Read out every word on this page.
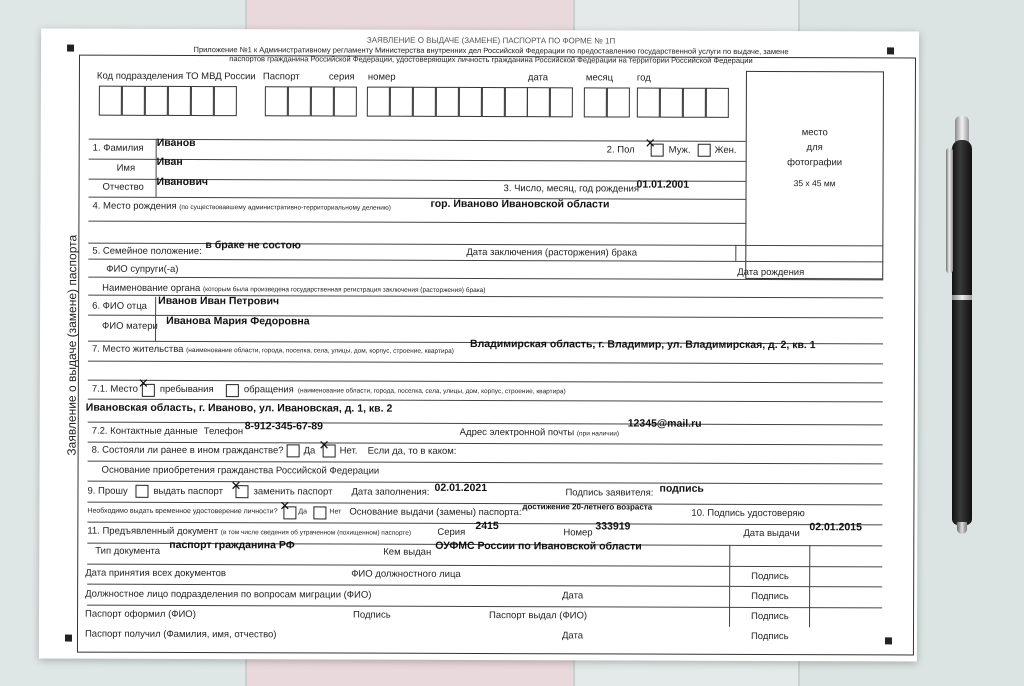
ЗАЯВЛЕНИЕ О ВЫДАЧЕ (ЗАМЕНЕ) ПАСПОРТА ПО ФОРМЕ № 1П
Приложение №1 к Административному регламенту Министерства внутренних дел Российской Федерации по предоставлению государственной услуги по выдаче, замене
паспортов гражданина Российской Федерации, удостоверяющих личность гражданина Российской Федерации на территории Российской Федерации
Код подразделения ТО МВД России Паспорт	серия номер	дата	месяц	год
место
для
фотографии
35 х 45 мм
Заявление о выдаче (замене) паспорта
1. Фамилия Иванов
2. Пол ✕ Муж.	Жен.
Имя
Иван
Отчество Иванович
3. Число, месяц, год рождения
01.01.2001
4. Место рождения (по существовавшему административно-территориальному делению)	гор. Иваново Ивановской области
5. Семейное положение: в браке не состою
Дата заключения (расторжения) брака
ФИО супруги(-а)	Дата рождения
Наименование органа (которым была произведена государственная регистрация заключения (расторжения) брака)
6. ФИО отца Иванов Иван Петрович
ФИО матери Иванова Мария Федоровна
7. Место жительства (наименование области, города, поселка, села, улицы, дом, корпус, строение, квартира) Владимирская область, г. Владимир, ул. Владимирская, д. 2, кв. 1
7.1. Место ✕ пребывания	обращения (наименование области, города, поселка, села, улицы, дом, корпус, строение, квартира)
Ивановская область, г. Иваново, ул. Ивановская, д. 1, кв. 2
7.2. Контактные данные Телефон 8-912-345-67-89
Адрес электронной почты (при наличии)
12345@mail.ru
8. Состояли ли ранее в ином гражданстве? Да ✕ Нет. Если да, то в каком:
Основание приобретения гражданства Российской Федерации
9. Прошу	выдать паспорт ✕ заменить паспорт Дата заполнения: 02.01.2021	Подпись заявителя: подпись
Необходимо выдать временное удостоверение личности? ✕ Да	Нет Основание выдачи (замены) паспорта: достижение 20-летнего возраста
10. Подпись удостоверяю
11. Предъявленный документ (в том числе сведения об утраченном (похищенном) паспорте)	Серия
2415
Номер
333919
Дата выдачи
02.01.2015
Тип документа паспорт гражданина РФ
Кем выдан ОУФМС России по Ивановской области
Дата принятия всех документов	ФИО должностного лица	Подпись
Должностное лицо подразделения по вопросам миграции (ФИО)	Дата	Подпись
Паспорт оформил (ФИО)	Подпись	Паспорт выдал (ФИО)	Подпись
Паспорт получил (Фамилия, имя, отчество)	Дата	Подпись
